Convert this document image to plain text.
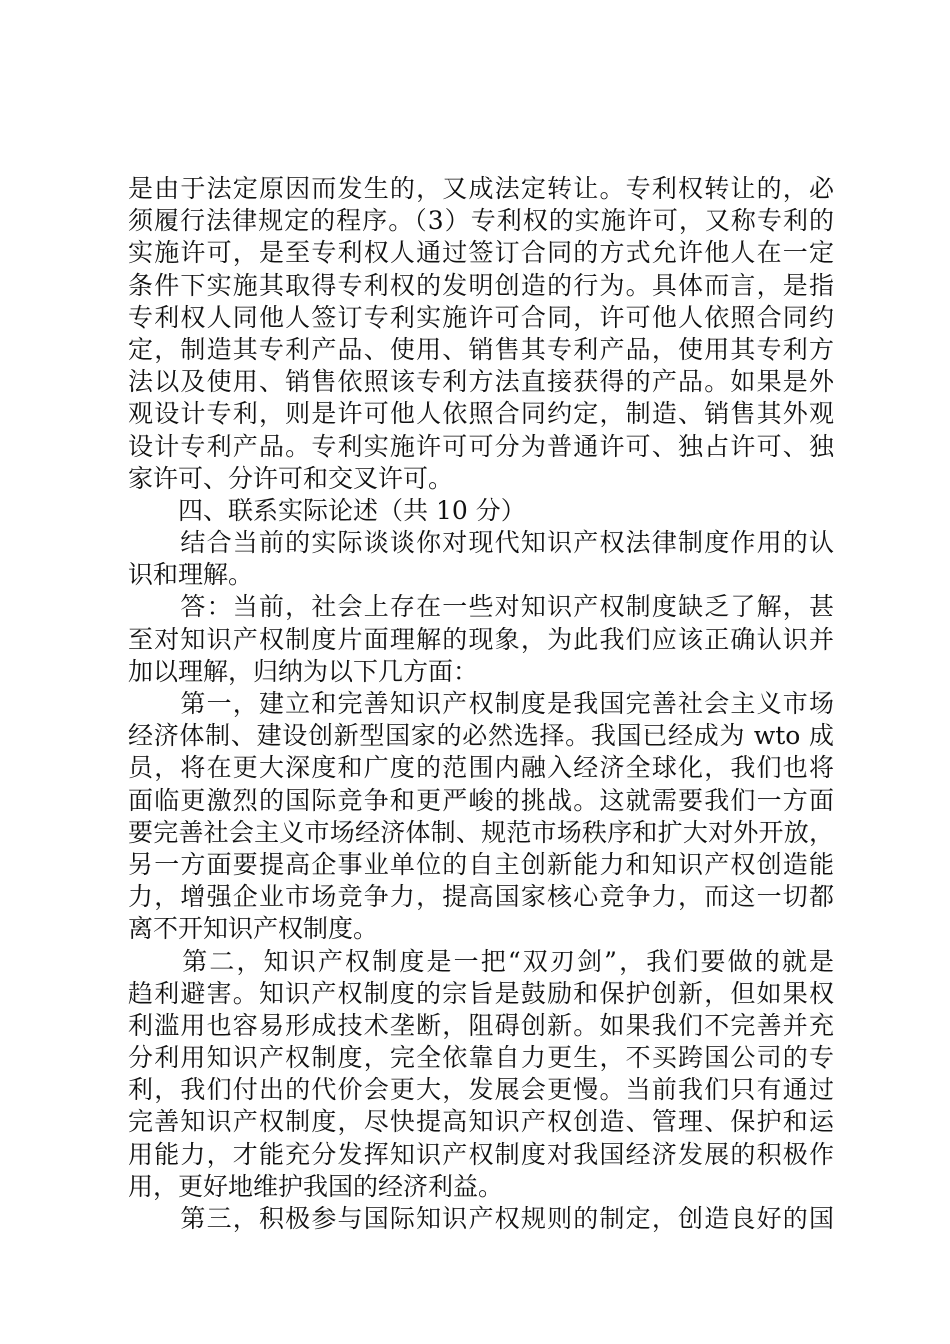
是由于法定原因而发生的，又成法定转让。专利权转让的，必
须履行法律规定的程序。（3）专利权的实施许可，又称专利的
实施许可，是至专利权人通过签订合同的方式允许他人在一定
条件下实施其取得专利权的发明创造的行为。具体而言，是指
专利权人同他人签订专利实施许可合同，许可他人依照合同约
定，制造其专利产品、使用、销售其专利产品，使用其专利方
法以及使用、销售依照该专利方法直接获得的产品。如果是外
观设计专利，则是许可他人依照合同约定，制造、销售其外观
设计专利产品。专利实施许可可分为普通许可、独占许可、独
家许可、分许可和交叉许可。
　　四、联系实际论述（共 10 分）
　　结合当前的实际谈谈你对现代知识产权法律制度作用的认
识和理解。
　　答：当前，社会上存在一些对知识产权制度缺乏了解，甚
至对知识产权制度片面理解的现象，为此我们应该正确认识并
加以理解，归纳为以下几方面：
　　第一，建立和完善知识产权制度是我国完善社会主义市场
经济体制、建设创新型国家的必然选择。我国已经成为 wto 成
员，将在更大深度和广度的范围内融入经济全球化，我们也将
面临更激烈的国际竞争和更严峻的挑战。这就需要我们一方面
要完善社会主义市场经济体制、规范市场秩序和扩大对外开放，
另一方面要提高企事业单位的自主创新能力和知识产权创造能
力，增强企业市场竞争力，提高国家核心竞争力，而这一切都
离不开知识产权制度。
　　第二，知识产权制度是一把“双刃剑”，我们要做的就是
趋利避害。知识产权制度的宗旨是鼓励和保护创新，但如果权
利滥用也容易形成技术垄断，阻碍创新。如果我们不完善并充
分利用知识产权制度，完全依靠自力更生，不买跨国公司的专
利，我们付出的代价会更大，发展会更慢。当前我们只有通过
完善知识产权制度，尽快提高知识产权创造、管理、保护和运
用能力，才能充分发挥知识产权制度对我国经济发展的积极作
用，更好地维护我国的经济利益。
　　第三，积极参与国际知识产权规则的制定，创造良好的国
